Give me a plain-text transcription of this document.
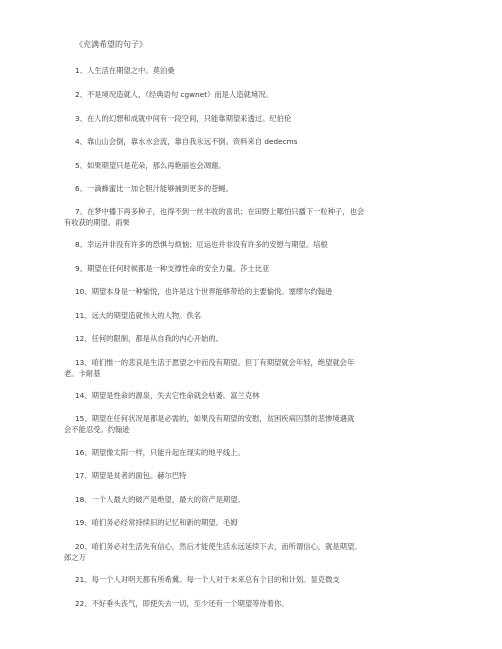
《充满希望的句子》
1、人生活在期望之中。莫泊桑
2、不是境况造就人，（经典语句 cgwnet）而是人造就境况。
3、在人的幻想和成就中间有一段空间，只能靠期望来透过。纪伯伦
4、靠山山会倒，靠水水会流，靠自我永远不倒。资料来自 dedecms
5、如果期望只是花朵，那么再艳丽也会凋谢。
6、一滴蜂蜜比一加仑胆汁能够捕到更多的苍蝇。
7、在梦中播下再多种子，也得不到一丝丰收的喜讯；在田野上哪怕只播下一粒种子，也会
有收获的期望。雨果
8、幸运并非没有许多的恐惧与烦恼；厄运也并非没有许多的安慰与期望。培根
9、期望在任何时候都是一种支撑性命的安全力量。莎士比亚
10、期望本身是一种愉悦，也许是这个世界能够带给的主要愉悦。塞缪尔约翰逊
11、远大的期望造就伟大的人物。佚名
12、任何的限制，都是从自我的内心开始的。
13、咱们惟一的悲哀是生活于愿望之中而没有期望。但丁有期望就会年轻，绝望就会年
老。卡耐基
14、期望是性命的源泉，失去它性命就会枯萎。富兰克林
15、期望在任何状况是都是必需的，如果没有期望的安慰，贫困疾病囚禁的悲惨境遇就
会不能忍受。约翰逊
16、期望像太阳一样，只能升起在现实的地平线上。
17、期望是贫者的面包。赫尔巴特
18、一个人最大的破产是绝望，最大的资产是期望。
19、咱们务必经常持续旧的记忆和新的期望。毛姆
20、咱们务必对生活先有信心，然后才能使生活永远延续下去，而所谓信心，就是期望。
郎之万
21、每一个人对明天都有所希冀。每一个人对于未来总有个目的和计划。显克微支
22、不好垂头丧气，即使失去一切，至少还有一个期望等待着你。
